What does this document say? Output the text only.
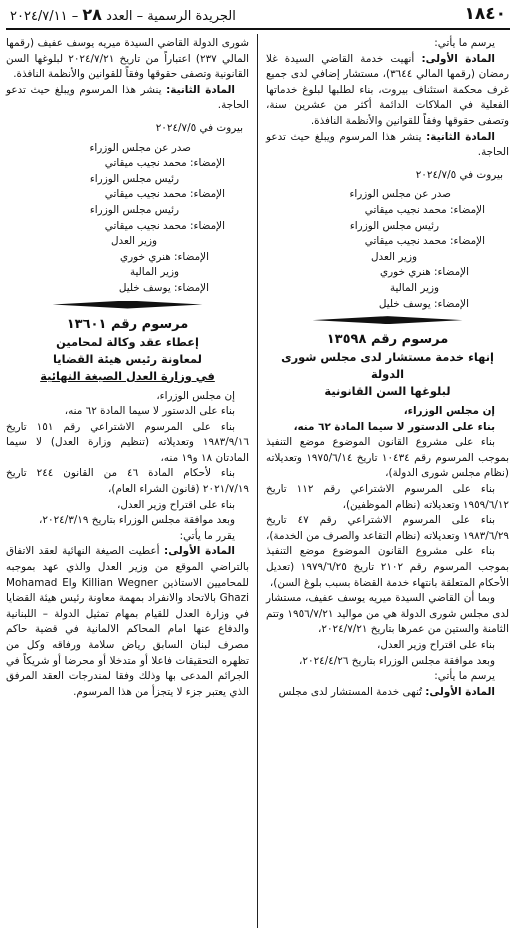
١٨٤٠
الجريدة الرسمية – العدد ٢٨ – ٢٠٢٤/٧/١١

يرسم ما يأتي:

المادة الأولى: أنهيت خدمة القاضي السيدة غلا رمضان (رقمها المالي ٣٦٤٤)، مستشار إضافي لدى جميع غرف محكمة استئناف بيروت، بناء لطلبها لبلوغ خدماتها الفعلية في الملاكات الدائمة أكثر من عشرين سنة، وتصفى حقوقها وفقاً للقوانين والأنظمة النافذة.

المادة الثانية: ينشر هذا المرسوم ويبلغ حيث تدعو الحاجة.

بيروت في ٢٠٢٤/٧/٥

صدر عن مجلس الوزراء

الإمضاء: محمد نجيب ميقاتي

رئيس مجلس الوزراء

الإمضاء: محمد نجيب ميقاتي

وزير العدل

الإمضاء: هنري خوري

وزير المالية

الإمضاء: يوسف خليل

مرسوم رقم ١٣٥٩٨

إنهاء خدمة مستشار لدى مجلس شورى الدولة

لبلوغها السن القانونية

إن مجلس الوزراء،

بناء على الدستور لا سيما المادة ٦٢ منه،

بناء على مشروع القانون الموضوع موضع التنفيذ بموجب المرسوم رقم ١٠٤٣٤ تاريخ ١٩٧٥/٦/١٤ وتعديلاته (نظام مجلس شورى الدولة)،

بناء على المرسوم الاشتراعي رقم ١١٢ تاريخ ١٩٥٩/٦/١٢ وتعديلاته (نظام الموظفين)،

بناء على المرسوم الاشتراعي رقم ٤٧ تاريخ ١٩٨٣/٦/٢٩ وتعديلاته (نظام التقاعد والصرف من الخدمة)،

بناء على مشروع القانون الموضوع موضع التنفيذ بموجب المرسوم رقم ٢١٠٢ تاريخ ١٩٧٩/٦/٢٥ (تعديل الأحكام المتعلقة بانتهاء خدمة القضاة بسبب بلوغ السن)،

وبما أن القاضي السيدة ميريه يوسف عفيف، مستشار لدى مجلس شورى الدولة هي من مواليد ١٩٥٦/٧/٢١ وتتم الثامنة والستين من عمرها بتاريخ ٢٠٢٤/٧/٢١،

بناء على اقتراح وزير العدل،

وبعد موافقة مجلس الوزراء بتاريخ ٢٠٢٤/٤/٢٦،

يرسم ما يأتي:

المادة الأولى: تُنهى خدمة المستشار لدى مجلس

شورى الدولة القاضي السيدة ميريه يوسف عفيف (رقمها المالي ٢٣٧) اعتباراً من تاريخ ٢٠٢٤/٧/٢١ لبلوغها السن القانونية وتصفى حقوقها وفقاً للقوانين والأنظمة النافذة.

المادة الثانية: ينشر هذا المرسوم ويبلغ حيث تدعو الحاجة.

بيروت في ٢٠٢٤/٧/٥

صدر عن مجلس الوزراء

الإمضاء: محمد نجيب ميقاتي

رئيس مجلس الوزراء

الإمضاء: محمد نجيب ميقاتي

رئيس مجلس الوزراء

الإمضاء: محمد نجيب ميقاتي

وزير العدل

الإمضاء: هنري خوري

وزير المالية

الإمضاء: يوسف خليل

مرسوم رقم ١٣٦٠١

إعطاء عقد وكالة لمحامين

لمعاونة رئيس هيئة القضايا

في وزارة العدل الصيغة النهائية

إن مجلس الوزراء،

بناء على الدستور لا سيما المادة ٦٢ منه،

بناء على المرسوم الاشتراعي رقم ١٥١ تاريخ ١٩٨٣/٩/١٦ وتعديلاته (تنظيم وزارة العدل) لا سيما المادتان ١٨ و١٩ منه،

بناء لأحكام المادة ٤٦ من القانون ٢٤٤ تاريخ ٢٠٢١/٧/١٩ (قانون الشراء العام)،

بناء على اقتراح وزير العدل،

وبعد موافقة مجلس الوزراء بتاريخ ٢٠٢٤/٣/١٩،

يقرر ما يأتي:

المادة الأولى: أعطيت الصيغة النهائية لعقد الاتفاق بالتراضي الموقع من وزير العدل والذي عهد بموجبه للمحاميين الاستاذين Killian Wegner وMohamad El Ghazi بالاتحاد والانفراد بمهمة معاونة رئيس هيئة القضايا في وزارة العدل للقيام بمهام تمثيل الدولة – اللبنانية والدفاع عنها امام المحاكم الالمانية في قضية حاكم مصرف لبنان السابق رياض سلامة ورفاقه وكل من تظهره التحقيقات فاعلا أو متدخلا أو محرضا أو شريكاً في الجرائم المدعى بها وذلك وفقا لمندرجات العقد المرفق الذي يعتبر جزء لا يتجزأ من هذا المرسوم.
